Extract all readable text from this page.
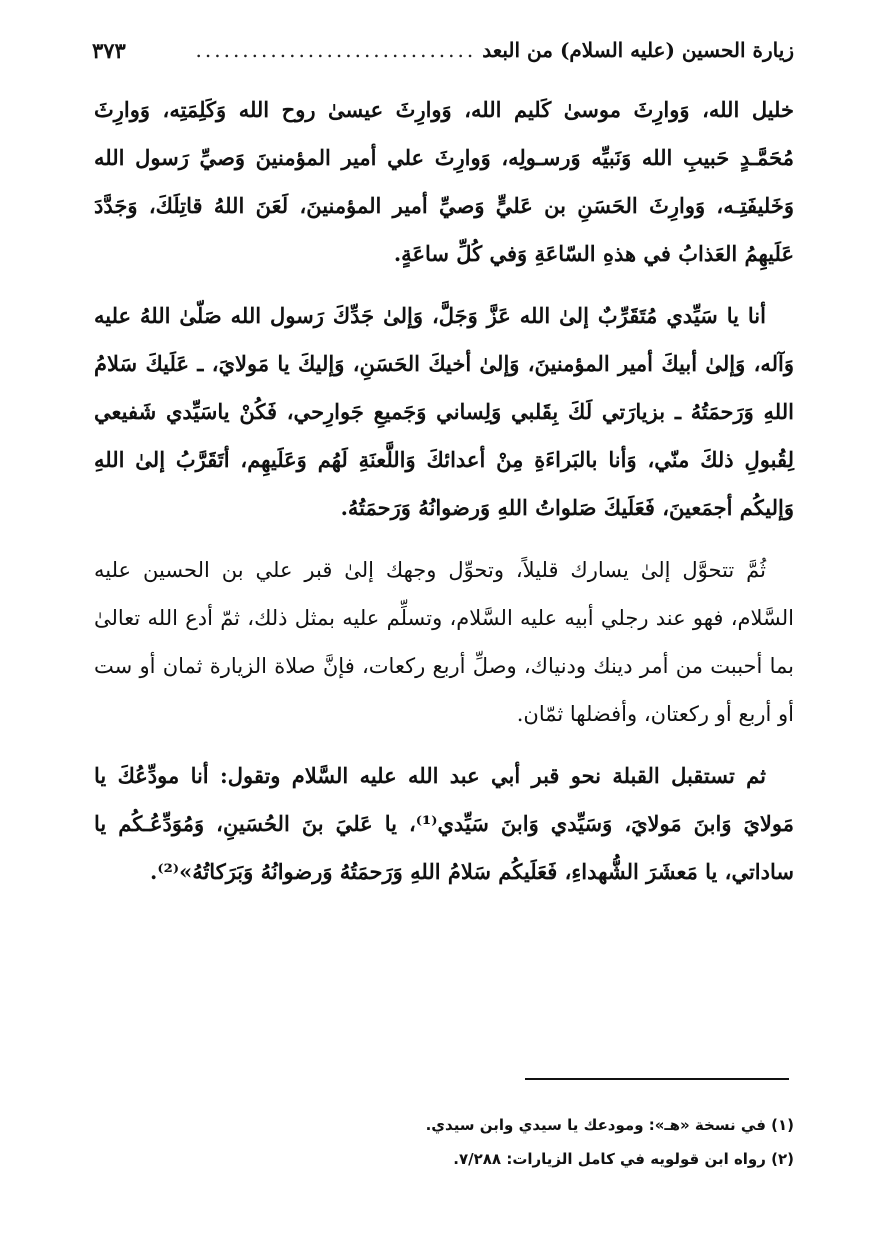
زيارة الحسين (عليه السلام) من البعد
..............................
٣٧٣

خليل الله، وَوارِثَ موسىٰ كَليم الله، وَوارِثَ عيسىٰ روح الله وَكَلِمَتِه، وَوارِثَ مُحَمَّـدٍ حَبيبِ الله وَنَبيِّه وَرسـولِه، وَوارِثَ علي أمير المؤمنينَ وَصيِّ رَسول الله وَخَليفَتِـه، وَوارِثَ الحَسَنِ بن عَليٍّ وَصيِّ أمير المؤمنينَ، لَعَنَ اللهُ قاتِلَكَ، وَجَدَّدَ عَلَيهِمُ العَذابُ في هذهِ السّاعَةِ وَفي كُلِّ ساعَةٍ.

أنا يا سَيِّدي مُتَقَرِّبٌ إلىٰ الله عَزَّ وَجَلَّ، وَإلىٰ جَدِّكَ رَسول الله صَلّىٰ اللهُ عليه وَآله، وَإلىٰ أبيكَ أمير المؤمنينَ، وَإلىٰ أخيكَ الحَسَنِ، وَإليكَ يا مَولايَ، ـ عَلَيكَ سَلامُ اللهِ وَرَحمَتُهُ ـ بزيارَتي لَكَ بِقَلبي وَلِساني وَجَميعِ جَوارِحي، فَكُنْ ياسَيِّدي شَفيعي لِقُبولِ ذلكَ منّي، وَأنا بالبَراءَةِ مِنْ أعدائكَ وَاللَّعنَةِ لَهُم وَعَلَيهِم، أتَقَرَّبُ إلىٰ اللهِ وَإليكُم أجمَعينَ، فَعَلَيكَ صَلواتُ اللهِ وَرضوانُهُ وَرَحمَتُهُ.

ثُمَّ تتحوَّل إلىٰ يسارك قليلاً، وتحوِّل وجهك إلىٰ قبر علي بن الحسين عليه السَّلام، فهو عند رجلي أبيه عليه السَّلام، وتسلِّم عليه بمثل ذلك، ثمّ أدع الله تعالىٰ بما أحببت من أمر دينك ودنياك، وصلِّ أربع ركعات، فإنَّ صلاة الزيارة ثمان أو ست أو أربع أو ركعتان، وأفضلها ثمّان.

ثم تستقبل القبلة نحو قبر أبي عبد الله عليه السَّلام وتقول: أنا مودِّعُكَ يا مَولايَ وَابنَ مَولايَ، وَسَيِّدي وَابنَ سَيِّدي⁽¹⁾، يا عَليَ بنَ الحُسَينِ، وَمُوَدِّعُـكُم يا ساداتي، يا مَعشَرَ الشُّهداءِ، فَعَلَيكُم سَلامُ اللهِ وَرَحمَتُهُ وَرضوانُهُ وَبَرَكاتُهُ»⁽²⁾.

(١) في نسخة «هـ»: ومودعك يا سيدي وابن سيدي.
(٢) رواه ابن قولويه في كامل الزيارات: ٧/٢٨٨.
